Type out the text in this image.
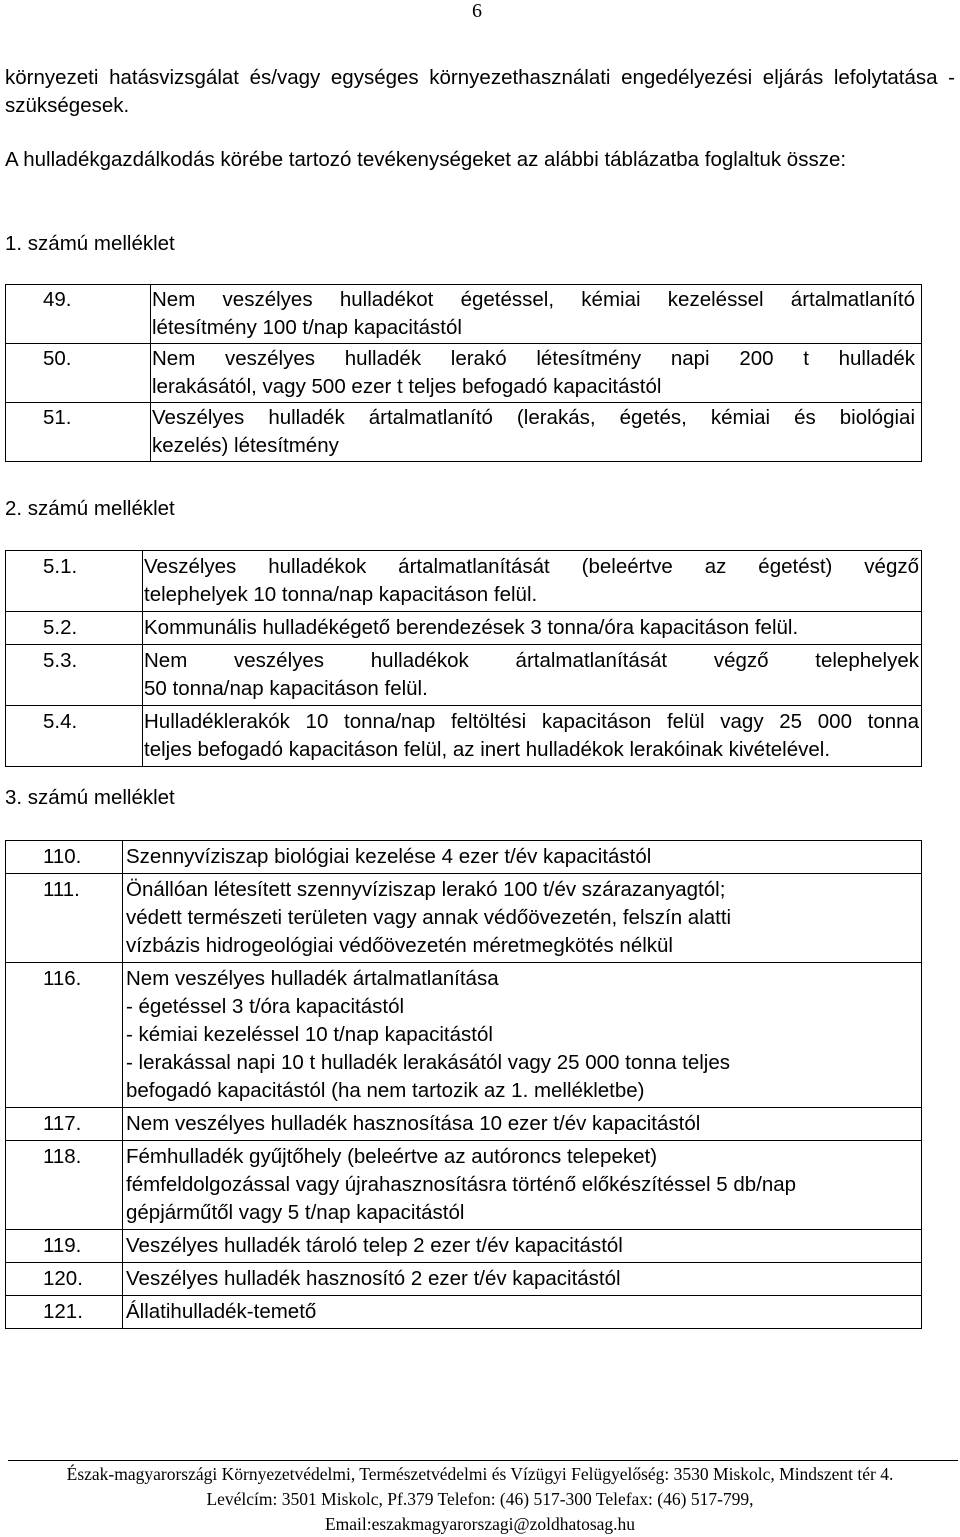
6
környezeti hatásvizsgálat és/vagy egységes környezethasználati engedélyezési eljárás lefolytatása - szükségesek.
A hulladékgazdálkodás körébe tartozó tevékenységeket az alábbi táblázatba foglaltuk össze:
1. számú melléklet
49.	Nem veszélyes hulladékot égetéssel, kémiai kezeléssel ártalmatlanító
létesítmény 100 t/nap kapacitástól

50.	Nem veszélyes hulladék lerakó létesítmény napi 200 t hulladék
lerakásától, vagy 500 ezer t teljes befogadó kapacitástól

51.	Veszélyes hulladék ártalmatlanító (lerakás, égetés, kémiai és biológiai
kezelés) létesítmény
2. számú melléklet
5.1.	Veszélyes hulladékok ártalmatlanítását (beleértve az égetést) végző
telephelyek 10 tonna/nap kapacitáson felül.

5.2.	Kommunális hulladékégető berendezések 3 tonna/óra kapacitáson felül.

5.3.	Nem veszélyes hulladékok ártalmatlanítását végző telephelyek
50 tonna/nap kapacitáson felül.

5.4.	Hulladéklerakók 10 tonna/nap feltöltési kapacitáson felül vagy 25 000 tonna
teljes befogadó kapacitáson felül, az inert hulladékok lerakóinak kivételével.
3. számú melléklet
110.	Szennyvíziszap biológiai kezelése 4 ezer t/év kapacitástól

111.	Önállóan létesített szennyvíziszap lerakó 100 t/év szárazanyagtól;
védett természeti területen vagy annak védőövezetén, felszín alatti
vízbázis hidrogeológiai védőövezetén méretmegkötés nélkül

116.	Nem veszélyes hulladék ártalmatlanítása
- égetéssel 3 t/óra kapacitástól
- kémiai kezeléssel 10 t/nap kapacitástól
- lerakással napi 10 t hulladék lerakásától vagy 25 000 tonna teljes
befogadó kapacitástól (ha nem tartozik az 1. mellékletbe)

117.	Nem veszélyes hulladék hasznosítása 10 ezer t/év kapacitástól

118.	Fémhulladék gyűjtőhely (beleértve az autóroncs telepeket)
fémfeldolgozással vagy újrahasznosításra történő előkészítéssel 5 db/nap
gépjárműtől vagy 5 t/nap kapacitástól

119.	Veszélyes hulladék tároló telep 2 ezer t/év kapacitástól

120.	Veszélyes hulladék hasznosító 2 ezer t/év kapacitástól

121.	Állatihulladék-temető
Észak-magyarországi Környezetvédelmi, Természetvédelmi és Vízügyi Felügyelőség: 3530 Miskolc, Mindszent tér 4.
Levélcím: 3501 Miskolc, Pf.379 Telefon: (46) 517-300 Telefax: (46) 517-799,
Email:eszakmagyarorszagi@zoldhatosag.hu
